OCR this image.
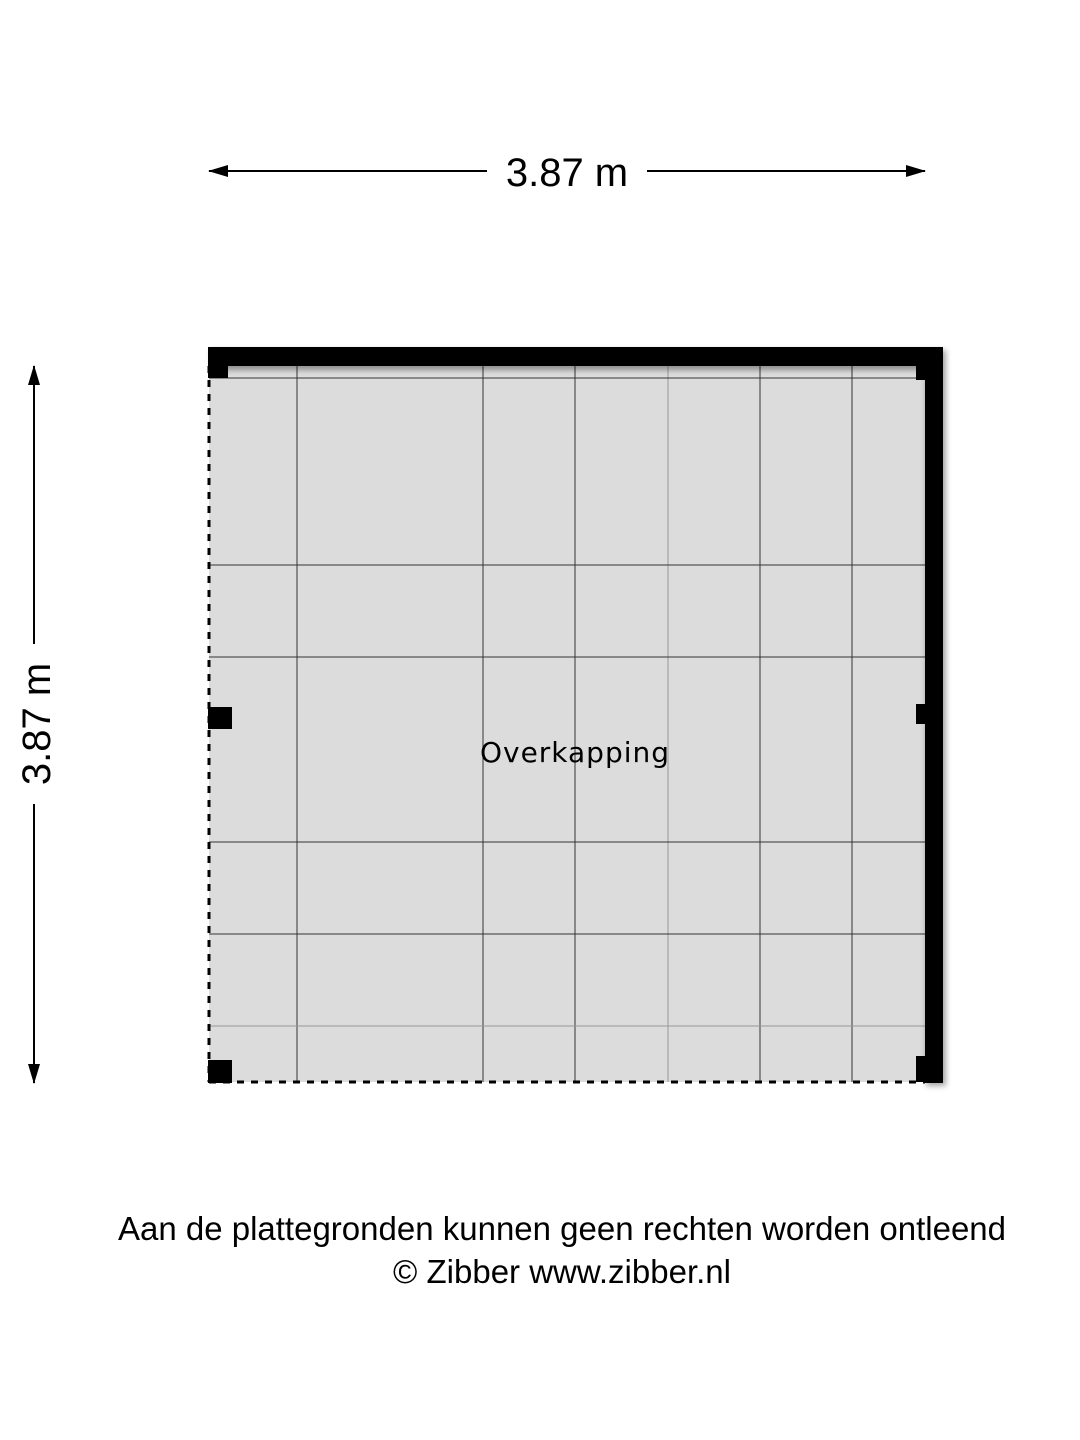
3.87 m
3.87 m	Overkapping
Aan de plattegronden kunnen geen rechten worden ontleend
© Zibber www.zibber.nl
